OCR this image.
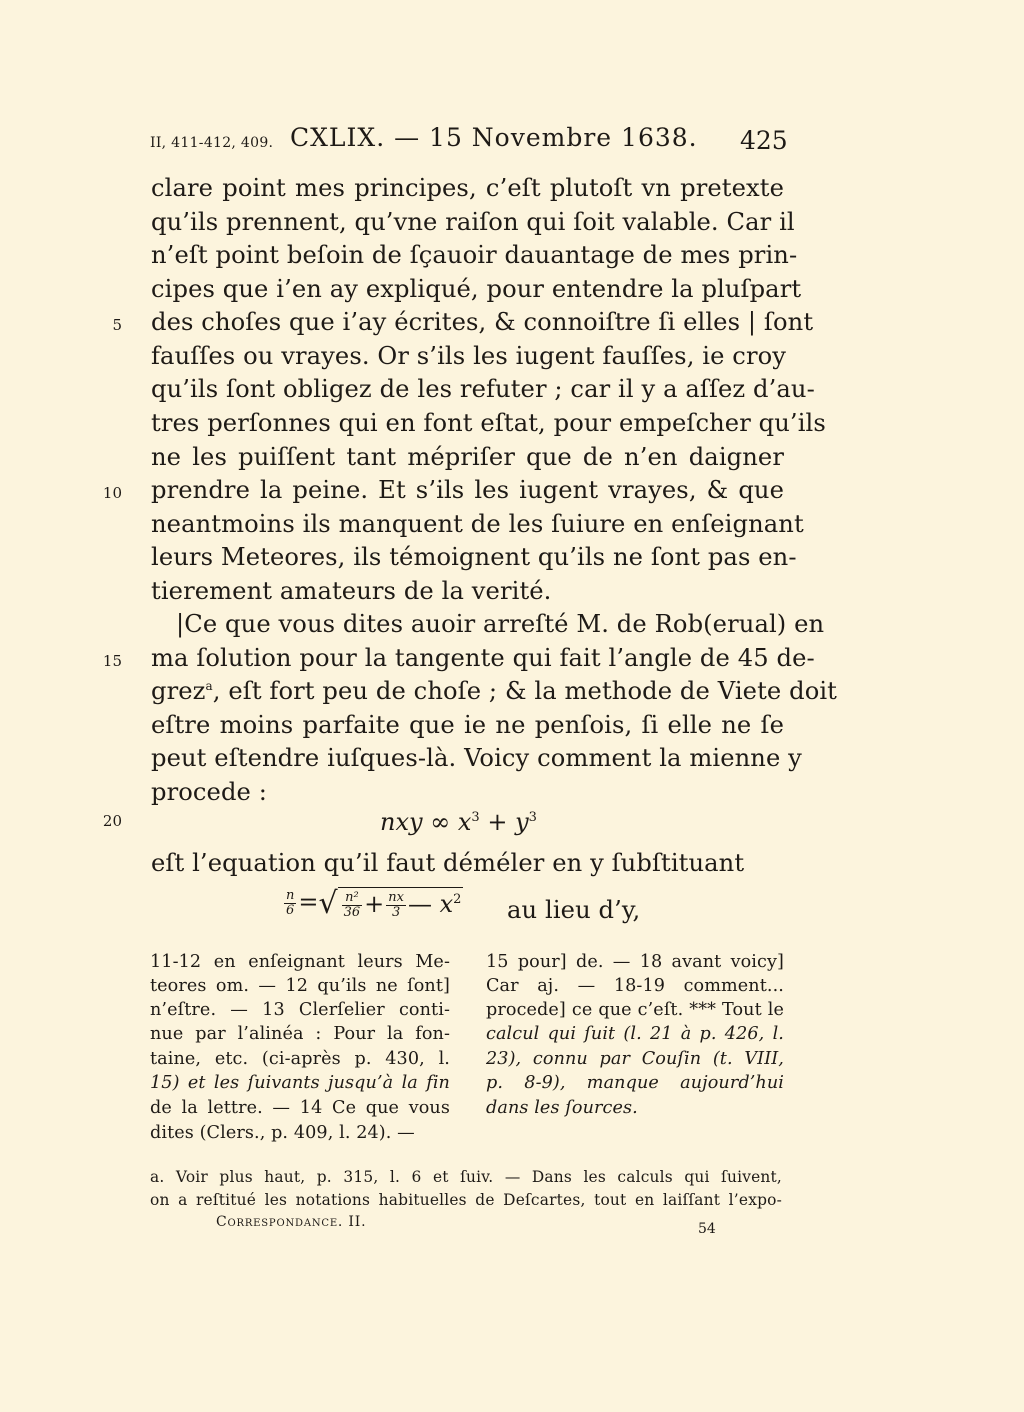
II, 411-412, 409. CXLIX. — 15 Novembre 1638. 425
clare point mes principes, c’eſt plutoſt vn pretexte
qu’ils prennent, qu’vne raiſon qui ſoit valable. Car il
n’eſt point beſoin de ſçauoir dauantage de mes prin-
cipes que i’en ay expliqué, pour entendre la pluſpart
des choſes que i’ay écrites, & connoiſtre ſi elles | ſont
fauſſes ou vrayes. Or s’ils les iugent fauſſes, ie croy
qu’ils ſont obligez de les refuter ; car il y a aſſez d’au-
tres perſonnes qui en font eſtat, pour empeſcher qu’ils
ne les puiſſent tant mépriſer que de n’en daigner
prendre la peine. Et s’ils les iugent vrayes, & que
neantmoins ils manquent de les ſuiure en enſeignant
leurs Meteores, ils témoignent qu’ils ne ſont pas en-
tierement amateurs de la verité.
|Ce que vous dites auoir arreſté M. de Rob(erual) en
ma ſolution pour la tangente qui fait l’angle de 45 de-
grez$^a$, eſt fort peu de choſe ; & la methode de Viete doit
eſtre moins parfaite que ie ne penſois, ſi elle ne ſe
peut eſtendre iuſques-là. Voicy comment la mienne y
procede :
nxy ∞ $x^3 + y^3$
eſt l’equation qu’il faut déméler en y ſubſtituant
$\frac{n}{6}$ =√ $\frac{\text{n²}}{36} + \frac{nx}{3}$ — $x^2$ au lieu d’y,
5
10
15
20
11-12 en enſeignant leurs Me-
teores om. — 12 qu’ils ne ſont]
n’eſtre. — 13 Clerſelier conti-
nue par l’alinéa : Pour la fon-
taine, etc. (ci-après p. 430, l.
15) et les ſuivants jusqu’à la fin
de la lettre. — 14 Ce que vous
dites (Clers., p. 409, l. 24). —
15 pour] de. — 18 avant voicy]
Car aj. — 18-19 comment...
procede] ce que c’eſt. *** Tout le
calcul qui ſuit (l. 21 à p. 426, l.
23), connu par Couſin (t. VIII,
p. 8-9), manque aujourd’hui
dans les ſources.
a. Voir plus haut, p. 315, l. 6 et ſuiv. — Dans les calculs qui ſuivent,
on a reſtitué les notations habituelles de Deſcartes, tout en laiſſant l’expo-
Correspondance. II.	54
